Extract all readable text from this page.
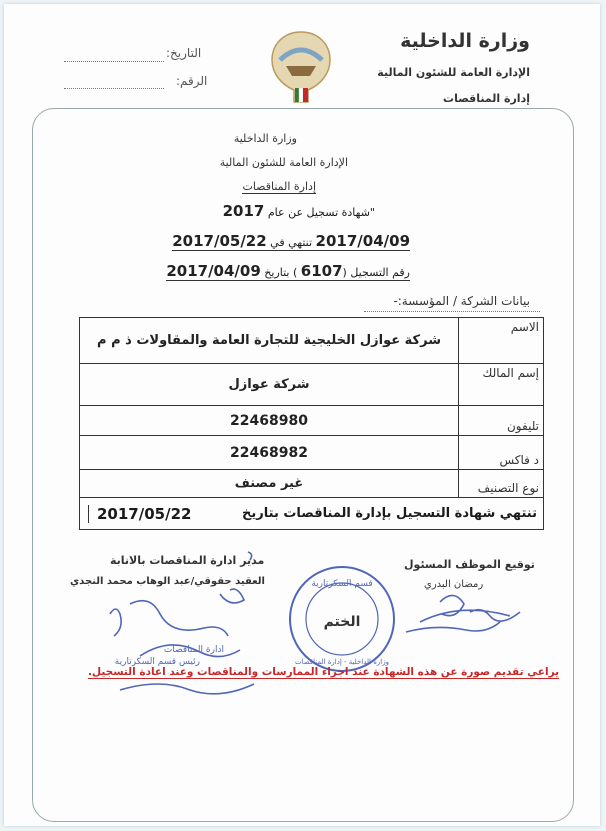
وزارة الداخلية
الإدارة العامة للشئون المالية
إدارة المناقصات
التاريخ:
الرقم:
وزارة الداخلية
الإدارة العامة للشئون المالية
إدارة المناقصات
"شهادة تسجيل عن عام 2017
2017/04/09 تنتهي في 2017/05/22
رقم التسجيل (6107 ) بتاريخ 2017/04/09
بيانات الشركة / المؤسسة:-
شركة عوازل الخليجية للتجارة العامة والمقاولات ذ م م	الاسم
شركة عوازل	إسم المالك
22468980	تليفون
22468982	د فاكس
غير مصنف	نوع التصنيف

2017/05/22 تنتهي شهادة التسجيل بإدارة المناقصات بتاريخ	
مدير ادارة المناقصات بالانابة
العقيد حقوقي/عبد الوهاب محمد النجدي
توقيع الموظف المسئول
رمضان البدري
ادارة المناقصات
رئيس قسم السكرتارية
قسم السكرتارية
الختم
وزارة الداخلية - إدارة المناقصات
يراعي تقديم صورة عن هذه الشهادة عند اجراء الممارسات والمناقصات وعند اعادة التسجيل.
